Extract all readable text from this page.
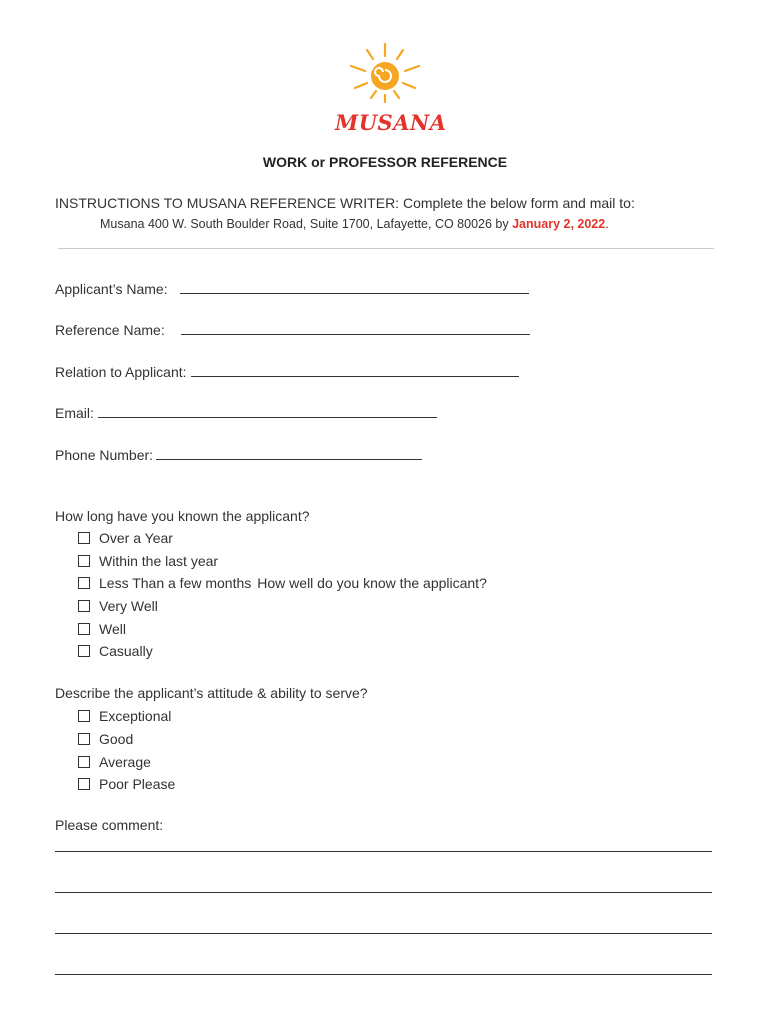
MUSANA
WORK or PROFESSOR REFERENCE
INSTRUCTIONS TO MUSANA REFERENCE WRITER: Complete the below form and mail to:
Musana 400 W. South Boulder Road, Suite 1700, Lafayette, CO 80026 by January 2, 2022.
Applicant’s Name:
Reference Name:
Relation to Applicant:
Email:
Phone Number:
How long have you known the applicant?
Over a Year
Within the last year
Less Than a few months How well do you know the applicant?
Very Well
Well
Casually
Describe the applicant’s attitude & ability to serve?
Exceptional
Good
Average
Poor Please
Please comment:
